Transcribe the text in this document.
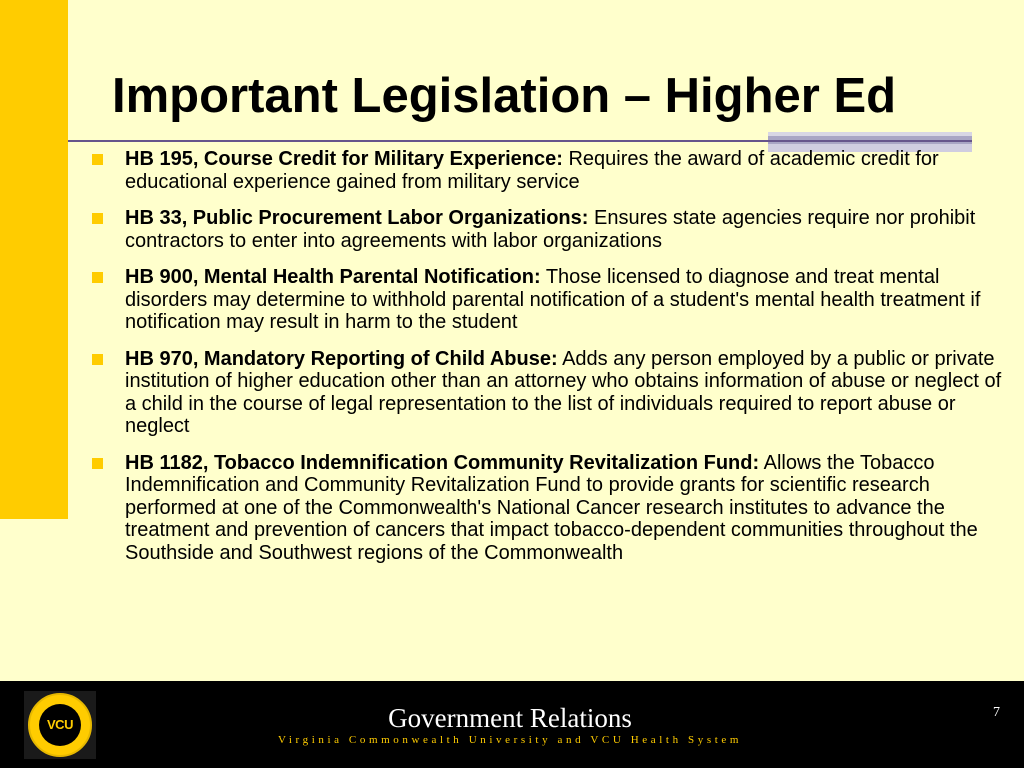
Important Legislation – Higher Ed
HB 195, Course Credit for Military Experience: Requires the award of academic credit for educational experience gained from military service
HB 33, Public Procurement Labor Organizations: Ensures state agencies require nor prohibit contractors to enter into agreements with labor organizations
HB 900, Mental Health Parental Notification: Those licensed to diagnose and treat mental disorders may determine to withhold parental notification of a student's mental health treatment if notification may result in harm to the student
HB 970, Mandatory Reporting of Child Abuse: Adds any person employed by a public or private institution of higher education other than an attorney who obtains information of abuse or neglect of a child in the course of legal representation to the list of individuals required to report abuse or neglect
HB 1182, Tobacco Indemnification Community Revitalization Fund: Allows the Tobacco Indemnification and Community Revitalization Fund to provide grants for scientific research performed at one of the Commonwealth's National Cancer research institutes to advance the treatment and prevention of cancers that impact tobacco-dependent communities throughout the Southside and Southwest regions of the Commonwealth
VCU	Government Relations
Virginia Commonwealth University and VCU Health System
7
